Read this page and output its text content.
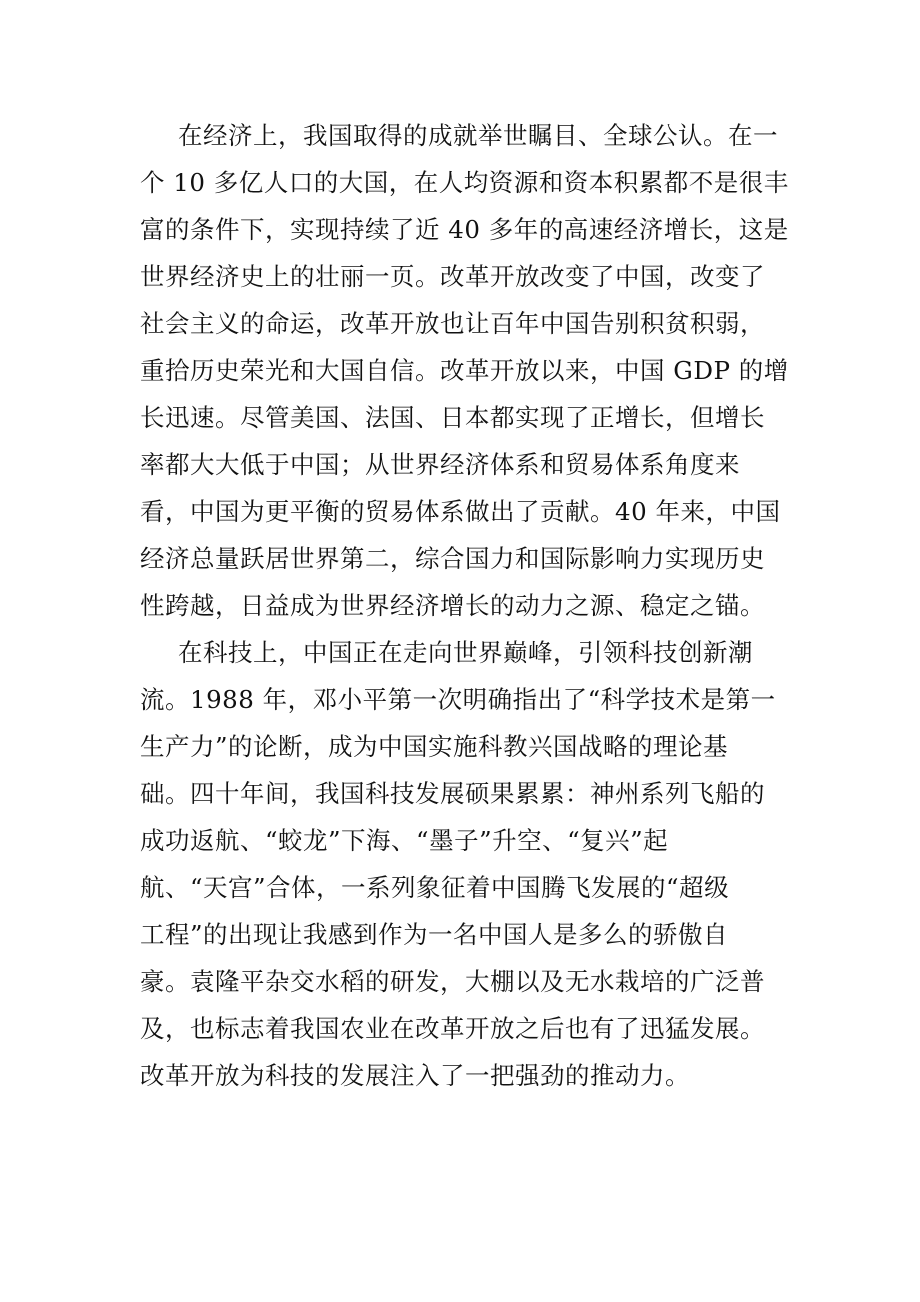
在经济上，我国取得的成就举世瞩目、全球公认。在一
个 10 多亿人口的大国，在人均资源和资本积累都不是很丰
富的条件下，实现持续了近 40 多年的高速经济增长，这是
世界经济史上的壮丽一页。改革开放改变了中国，改变了
社会主义的命运，改革开放也让百年中国告别积贫积弱，
重拾历史荣光和大国自信。改革开放以来，中国 GDP 的增
长迅速。尽管美国、法国、日本都实现了正增长，但增长
率都大大低于中国；从世界经济体系和贸易体系角度来
看，中国为更平衡的贸易体系做出了贡献。40 年来，中国
经济总量跃居世界第二，综合国力和国际影响力实现历史
性跨越，日益成为世界经济增长的动力之源、稳定之锚。
在科技上，中国正在走向世界巅峰，引领科技创新潮
流。1988 年，邓小平第一次明确指出了“科学技术是第一
生产力”的论断，成为中国实施科教兴国战略的理论基
础。四十年间，我国科技发展硕果累累：神州系列飞船的
成功返航、“蛟龙”下海、“墨子”升空、“复兴”起
航、“天宫”合体，一系列象征着中国腾飞发展的“超级
工程”的出现让我感到作为一名中国人是多么的骄傲自
豪。袁隆平杂交水稻的研发，大棚以及无水栽培的广泛普
及，也标志着我国农业在改革开放之后也有了迅猛发展。
改革开放为科技的发展注入了一把强劲的推动力。
